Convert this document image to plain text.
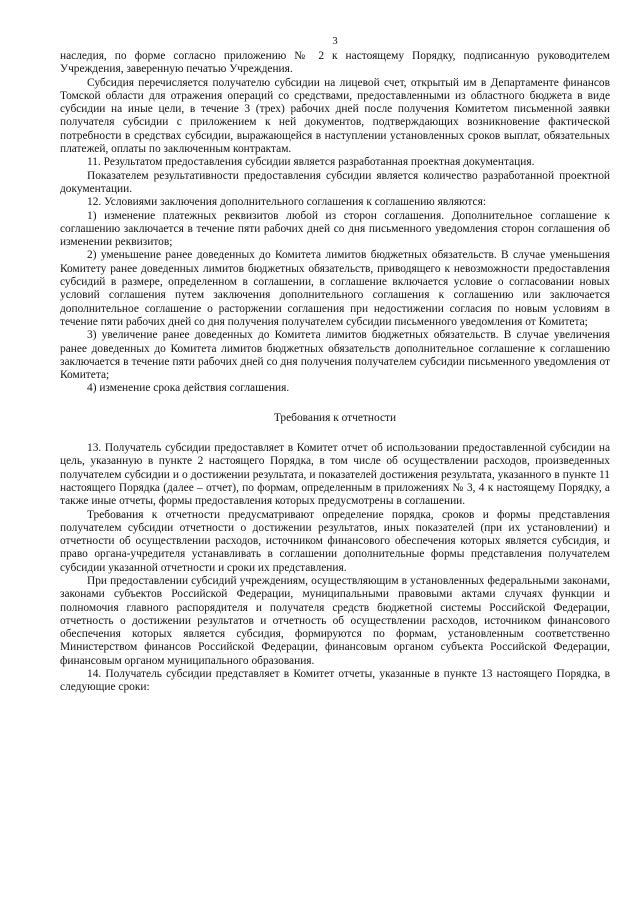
3

наследия, по форме согласно приложению № 2 к настоящему Порядку, подписанную руководителем Учреждения, заверенную печатью Учреждения.

Субсидия перечисляется получателю субсидии на лицевой счет, открытый им в Департаменте финансов Томской области для отражения операций со средствами, предоставленными из областного бюджета в виде субсидии на иные цели, в течение 3 (трех) рабочих дней после получения Комитетом письменной заявки получателя субсидии с приложением к ней документов, подтверждающих возникновение фактической потребности в средствах субсидии, выражающейся в наступлении установленных сроков выплат, обязательных платежей, оплаты по заключенным контрактам.

11. Результатом предоставления субсидии является разработанная проектная документация.

Показателем результативности предоставления субсидии является количество разработанной проектной документации.

12. Условиями заключения дополнительного соглашения к соглашению являются:

1) изменение платежных реквизитов любой из сторон соглашения. Дополнительное соглашение к соглашению заключается в течение пяти рабочих дней со дня письменного уведомления сторон соглашения об изменении реквизитов;

2) уменьшение ранее доведенных до Комитета лимитов бюджетных обязательств. В случае уменьшения Комитету ранее доведенных лимитов бюджетных обязательств, приводящего к невозможности предоставления субсидий в размере, определенном в соглашении, в соглашение включается условие о согласовании новых условий соглашения путем заключения дополнительного соглашения к соглашению или заключается дополнительное соглашение о расторжении соглашения при недостижении согласия по новым условиям в течение пяти рабочих дней со дня получения получателем субсидии письменного уведомления от Комитета;

3) увеличение ранее доведенных до Комитета лимитов бюджетных обязательств. В случае увеличения ранее доведенных до Комитета лимитов бюджетных обязательств дополнительное соглашение к соглашению заключается в течение пяти рабочих дней со дня получения получателем субсидии письменного уведомления от Комитета;

4) изменение срока действия соглашения.

Требования к отчетности

13. Получатель субсидии предоставляет в Комитет отчет об использовании предоставленной субсидии на цель, указанную в пункте 2 настоящего Порядка, в том числе об осуществлении расходов, произведенных получателем субсидии и о достижении результата, и показателей достижения результата, указанного в пункте 11 настоящего Порядка (далее – отчет), по формам, определенным в приложениях № 3, 4 к настоящему Порядку, а также иные отчеты, формы предоставления которых предусмотрены в соглашении.

Требования к отчетности предусматривают определение порядка, сроков и формы представления получателем субсидии отчетности о достижении результатов, иных показателей (при их установлении) и отчетности об осуществлении расходов, источником финансового обеспечения которых является субсидия, и право органа-учредителя устанавливать в соглашении дополнительные формы представления получателем субсидии указанной отчетности и сроки их представления.

При предоставлении субсидий учреждениям, осуществляющим в установленных федеральными законами, законами субъектов Российской Федерации, муниципальными правовыми актами случаях функции и полномочия главного распорядителя и получателя средств бюджетной системы Российской Федерации, отчетность о достижении результатов и отчетность об осуществлении расходов, источником финансового обеспечения которых является субсидия, формируются по формам, установленным соответственно Министерством финансов Российской Федерации, финансовым органом субъекта Российской Федерации, финансовым органом муниципального образования.

14. Получатель субсидии представляет в Комитет отчеты, указанные в пункте 13 настоящего Порядка, в следующие сроки:
